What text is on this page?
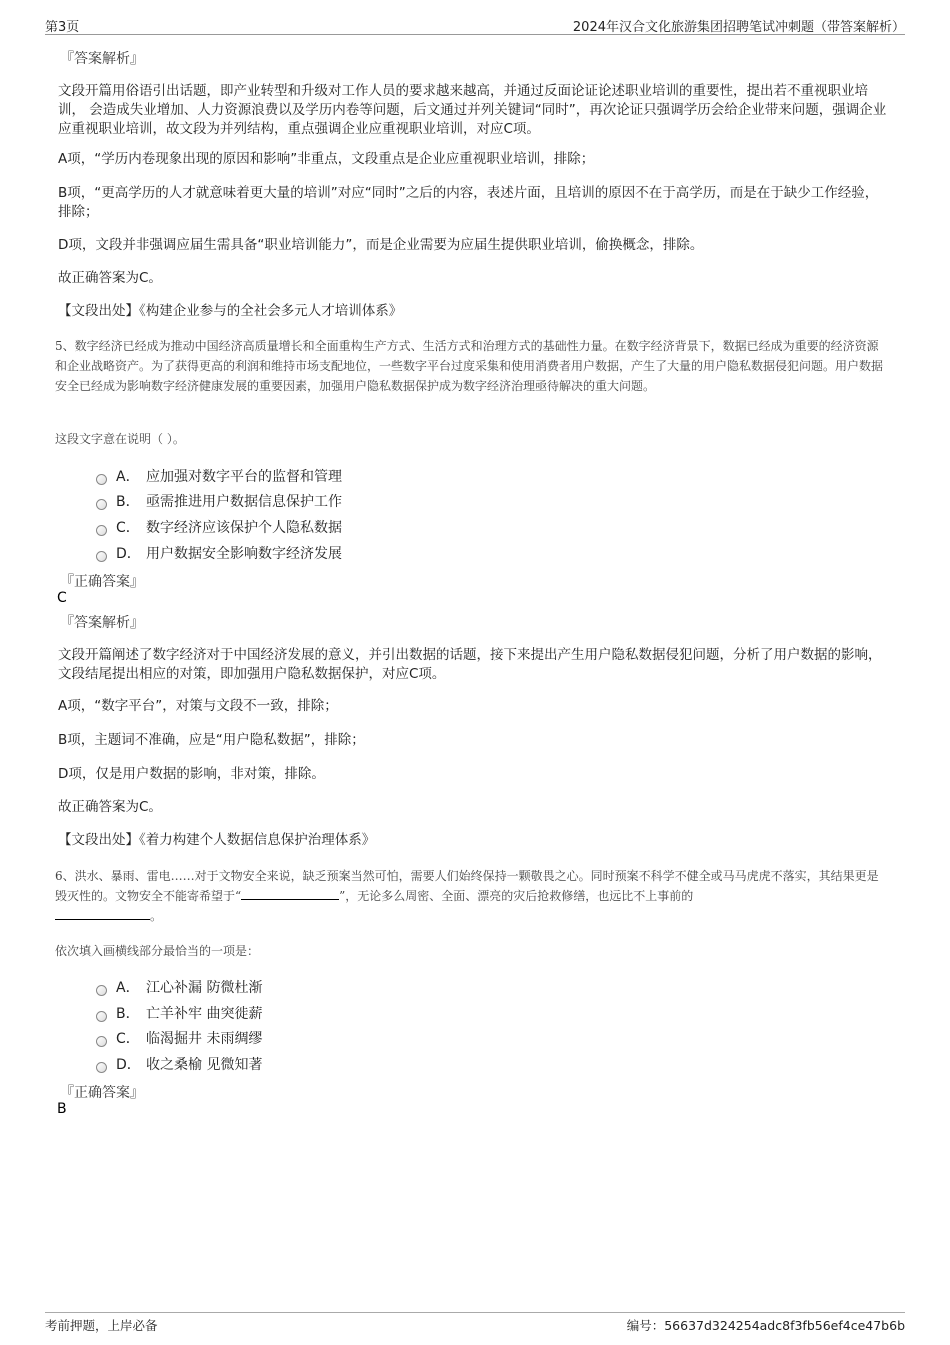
第3页	2024年汉合文化旅游集团招聘笔试冲刺题（带答案解析）
『答案解析』
文段开篇用俗语引出话题，即产业转型和升级对工作人员的要求越来越高，并通过反面论证论述职业培训的重要性，提出若不重视职业培训， 会造成失业增加、人力资源浪费以及学历内卷等问题，后文通过并列关键词“同时”，再次论证只强调学历会给企业带来问题，强调企业应重视职业培训，故文段为并列结构，重点强调企业应重视职业培训，对应C项。
A项，“学历内卷现象出现的原因和影响”非重点，文段重点是企业应重视职业培训，排除；
B项，“更高学历的人才就意味着更大量的培训”对应“同时”之后的内容，表述片面，且培训的原因不在于高学历，而是在于缺少工作经验，排除；
D项，文段并非强调应届生需具备“职业培训能力”，而是企业需要为应届生提供职业培训，偷换概念，排除。
故正确答案为C。
【文段出处】《构建企业参与的全社会多元人才培训体系》
5、数字经济已经成为推动中国经济高质量增长和全面重构生产方式、生活方式和治理方式的基础性力量。在数字经济背景下，数据已经成为重要的经济资源和企业战略资产。为了获得更高的利润和维持市场支配地位，一些数字平台过度采集和使用消费者用户数据，产生了大量的用户隐私数据侵犯问题。用户数据安全已经成为影响数字经济健康发展的重要因素，加强用户隐私数据保护成为数字经济治理亟待解决的重大问题。
这段文字意在说明（ ）。
A． 应加强对数字平台的监督和管理
B． 亟需推进用户数据信息保护工作
C． 数字经济应该保护个人隐私数据
D． 用户数据安全影响数字经济发展
『正确答案』
C
『答案解析』
文段开篇阐述了数字经济对于中国经济发展的意义，并引出数据的话题，接下来提出产生用户隐私数据侵犯问题，分析了用户数据的影响，文段结尾提出相应的对策，即加强用户隐私数据保护，对应C项。
A项，“数字平台”，对策与文段不一致，排除；
B项，主题词不准确，应是“用户隐私数据”，排除；
D项，仅是用户数据的影响，非对策，排除。
故正确答案为C。
【文段出处】《着力构建个人数据信息保护治理体系》
6、洪水、暴雨、雷电……对于文物安全来说，缺乏预案当然可怕，需要人们始终保持一颗敬畏之心。同时预案不科学不健全或马马虎虎不落实，其结果更是毁灭性的。文物安全不能寄希望于“	”，无论多么周密、全面、漂亮的灾后抢救修缮，也远比不上事前的
。
依次填入画横线部分最恰当的一项是：
A． 江心补漏 防微杜渐
B． 亡羊补牢 曲突徙薪
C． 临渴掘井 未雨绸缪
D． 收之桑榆 见微知著
『正确答案』
B
考前押题，上岸必备	编号：56637d324254adc8f3fb56ef4ce47b6b
